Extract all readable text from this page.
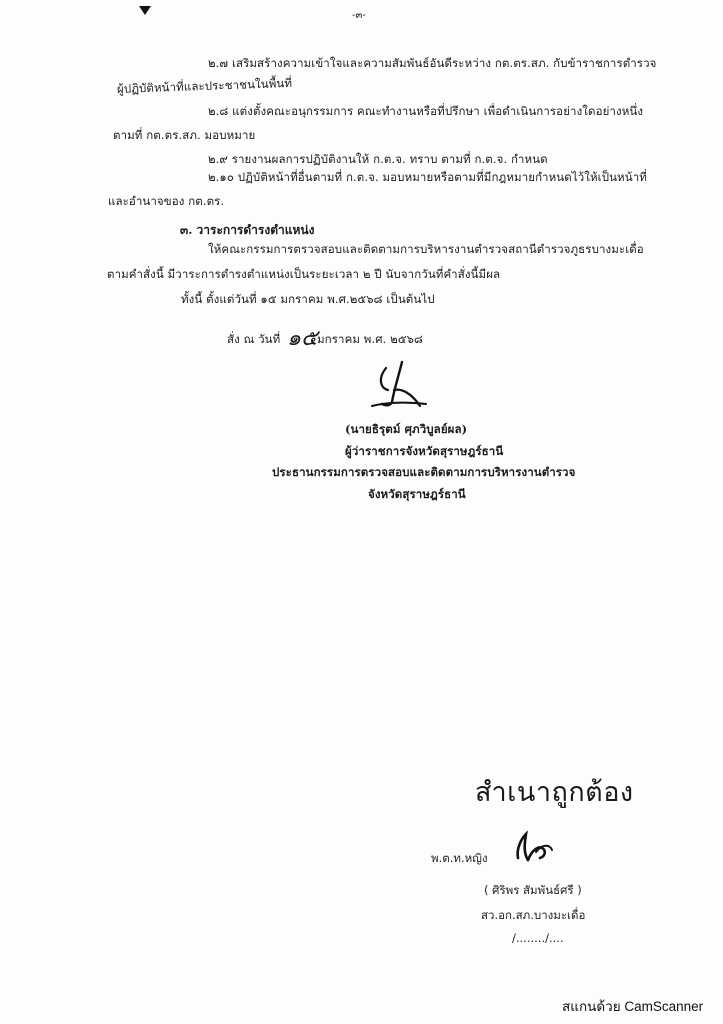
-๓-
๒.๗ เสริมสร้างความเข้าใจและความสัมพันธ์อันดีระหว่าง กต.ตร.สภ. กับข้าราชการตำรวจ
ผู้ปฏิบัติหน้าที่และประชาชนในพื้นที่
๒.๘ แต่งตั้งคณะอนุกรรมการ คณะทำงานหรือที่ปรึกษา เพื่อดำเนินการอย่างใดอย่างหนึ่ง
ตามที่ กต.ตร.สภ. มอบหมาย
๒.๙ รายงานผลการปฏิบัติงานให้ ก.ต.จ. ทราบ ตามที่ ก.ต.จ. กำหนด
๒.๑๐ ปฏิบัติหน้าที่อื่นตามที่ ก.ต.จ. มอบหมายหรือตามที่มีกฎหมายกำหนดไว้ให้เป็นหน้าที่
และอำนาจของ กต.ตร.
๓. วาระการดำรงตำแหน่ง
ให้คณะกรรมการตรวจสอบและติดตามการบริหารงานตำรวจสถานีตำรวจภูธรบางมะเดื่อ
ตามคำสั่งนี้ มีวาระการดำรงตำแหน่งเป็นระยะเวลา ๒ ปี นับจากวันที่คำสั่งนี้มีผล
ทั้งนี้ ตั้งแต่วันที่ ๑๕ มกราคม พ.ศ.๒๕๖๘ เป็นต้นไป
สั่ง ณ วันที่ ๑๕ มกราคม พ.ศ. ๒๕๖๘
(นายธิรุตม์ ศุภวิบูลย์ผล)
ผู้ว่าราชการจังหวัดสุราษฎร์ธานี
ประธานกรรมการตรวจสอบและติดตามการบริหารงานตำรวจ
จังหวัดสุราษฎร์ธานี
สำเนาถูกต้อง
พ.ต.ท.หญิง
( ศิริพร สัมพันธ์ศรี )
สว.อก.สภ.บางมะเดื่อ
/......../....
สแกนด้วย CamScanner
